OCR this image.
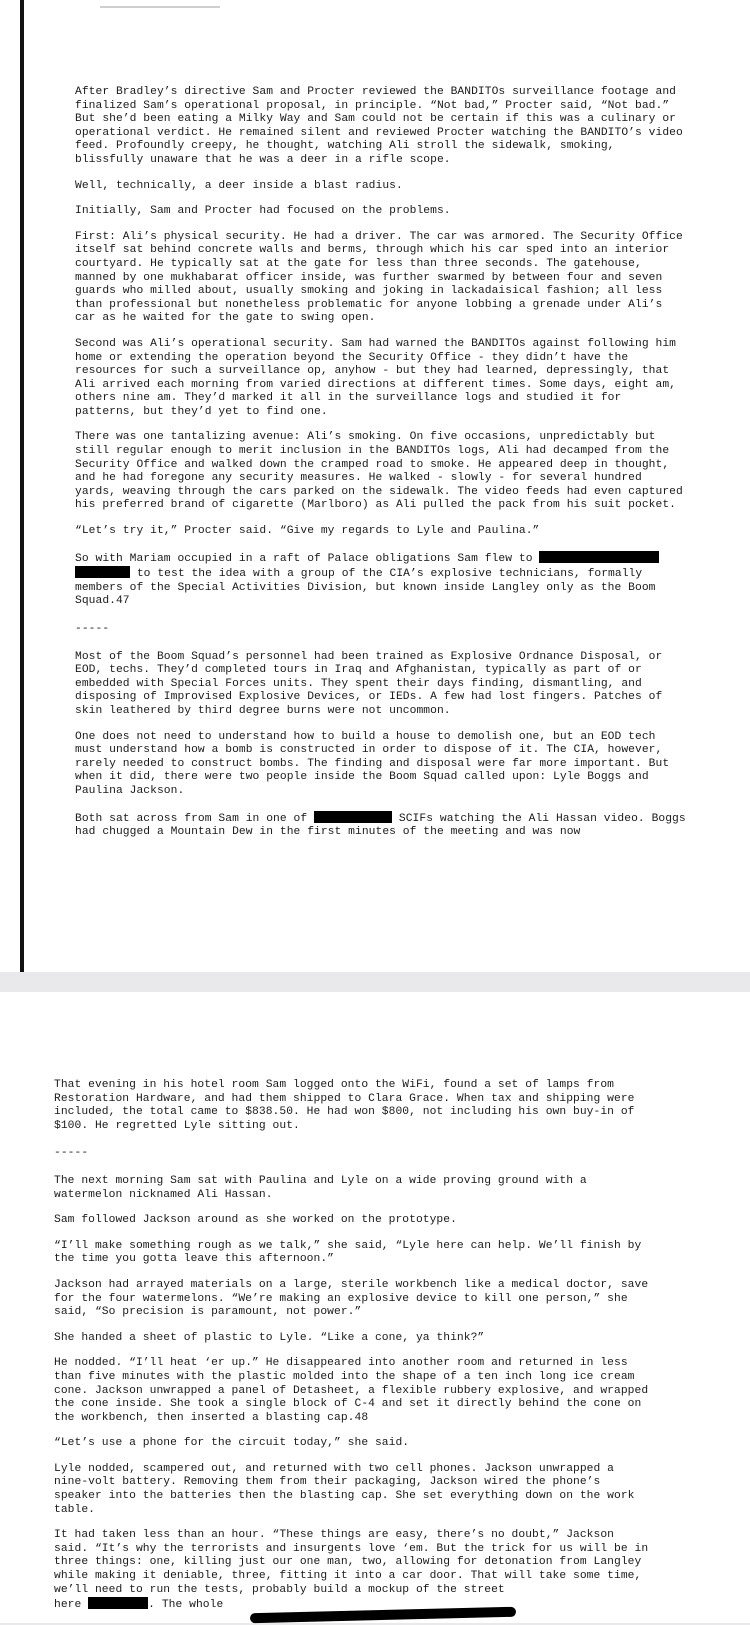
After Bradley’s directive Sam and Procter reviewed the BANDITOs surveillance footage and finalized Sam’s operational proposal, in principle. “Not bad,” Procter said, “Not bad.” But she’d been eating a Milky Way and Sam could not be certain if this was a culinary or operational verdict. He remained silent and reviewed Procter watching the BANDITO’s video feed. Profoundly creepy, he thought, watching Ali stroll the sidewalk, smoking, blissfully unaware that he was a deer in a rifle scope.

Well, technically, a deer inside a blast radius.

Initially, Sam and Procter had focused on the problems.

First: Ali’s physical security. He had a driver. The car was armored. The Security Office itself sat behind concrete walls and berms, through which his car sped into an interior courtyard. He typically sat at the gate for less than three seconds. The gatehouse, manned by one mukhabarat officer inside, was further swarmed by between four and seven guards who milled about, usually smoking and joking in lackadaisical fashion; all less than professional but nonetheless problematic for anyone lobbing a grenade under Ali’s car as he waited for the gate to swing open.

Second was Ali’s operational security. Sam had warned the BANDITOs against following him home or extending the operation beyond the Security Office - they didn’t have the resources for such a surveillance op, anyhow - but they had learned, depressingly, that Ali arrived each morning from varied directions at different times. Some days, eight am, others nine am. They’d marked it all in the surveillance logs and studied it for patterns, but they’d yet to find one.

There was one tantalizing avenue: Ali’s smoking. On five occasions, unpredictably but still regular enough to merit inclusion in the BANDITOs logs, Ali had decamped from the Security Office and walked down the cramped road to smoke. He appeared deep in thought, and he had foregone any security measures. He walked - slowly - for several hundred yards, weaving through the cars parked on the sidewalk. The video feeds had even captured his preferred brand of cigarette (Marlboro) as Ali pulled the pack from his suit pocket.

“Let’s try it,” Procter said. “Give my regards to Lyle and Paulina.”

So with Mariam occupied in a raft of Palace obligations Sam flew to
to test the idea with a group of the CIA’s explosive technicians, formally members of the Special Activities Division, but known inside Langley only as the Boom Squad.47

-----

Most of the Boom Squad’s personnel had been trained as Explosive Ordnance Disposal, or EOD, techs. They’d completed tours in Iraq and Afghanistan, typically as part of or embedded with Special Forces units. They spent their days finding, dismantling, and disposing of Improvised Explosive Devices, or IEDs. A few had lost fingers. Patches of skin leathered by third degree burns were not uncommon.

One does not need to understand how to build a house to demolish one, but an EOD tech must understand how a bomb is constructed in order to dispose of it. The CIA, however, rarely needed to construct bombs. The finding and disposal were far more important. But when it did, there were two people inside the Boom Squad called upon: Lyle Boggs and Paulina Jackson.

Both sat across from Sam in one of	SCIFs watching the Ali Hassan video. Boggs had chugged a Mountain Dew in the first minutes of the meeting and was now

That evening in his hotel room Sam logged onto the WiFi, found a set of lamps from Restoration Hardware, and had them shipped to Clara Grace. When tax and shipping were included, the total came to $838.50. He had won $800, not including his own buy-in of $100. He regretted Lyle sitting out.

-----

The next morning Sam sat with Paulina and Lyle on a wide proving ground with a watermelon nicknamed Ali Hassan.

Sam followed Jackson around as she worked on the prototype.

“I’ll make something rough as we talk,” she said, “Lyle here can help. We’ll finish by the time you gotta leave this afternoon.”

Jackson had arrayed materials on a large, sterile workbench like a medical doctor, save for the four watermelons. “We’re making an explosive device to kill one person,” she said, “So precision is paramount, not power.”

She handed a sheet of plastic to Lyle. “Like a cone, ya think?”

He nodded. “I’ll heat ‘er up.” He disappeared into another room and returned in less than five minutes with the plastic molded into the shape of a ten inch long ice cream cone. Jackson unwrapped a panel of Detasheet, a flexible rubbery explosive, and wrapped the cone inside. She took a single block of C-4 and set it directly behind the cone on the workbench, then inserted a blasting cap.48

“Let’s use a phone for the circuit today,” she said.

Lyle nodded, scampered out, and returned with two cell phones. Jackson unwrapped a nine-volt battery. Removing them from their packaging, Jackson wired the phone’s speaker into the batteries then the blasting cap. She set everything down on the work table.

It had taken less than an hour. “These things are easy, there’s no doubt,” Jackson said. “It’s why the terrorists and insurgents love ‘em. But the trick for us will be in three things: one, killing just our one man, two, allowing for detonation from Langley while making it deniable, three, fitting it into a car door. That will take some time, we’ll need to run the tests, probably build a mockup of the street
here	. The whole
